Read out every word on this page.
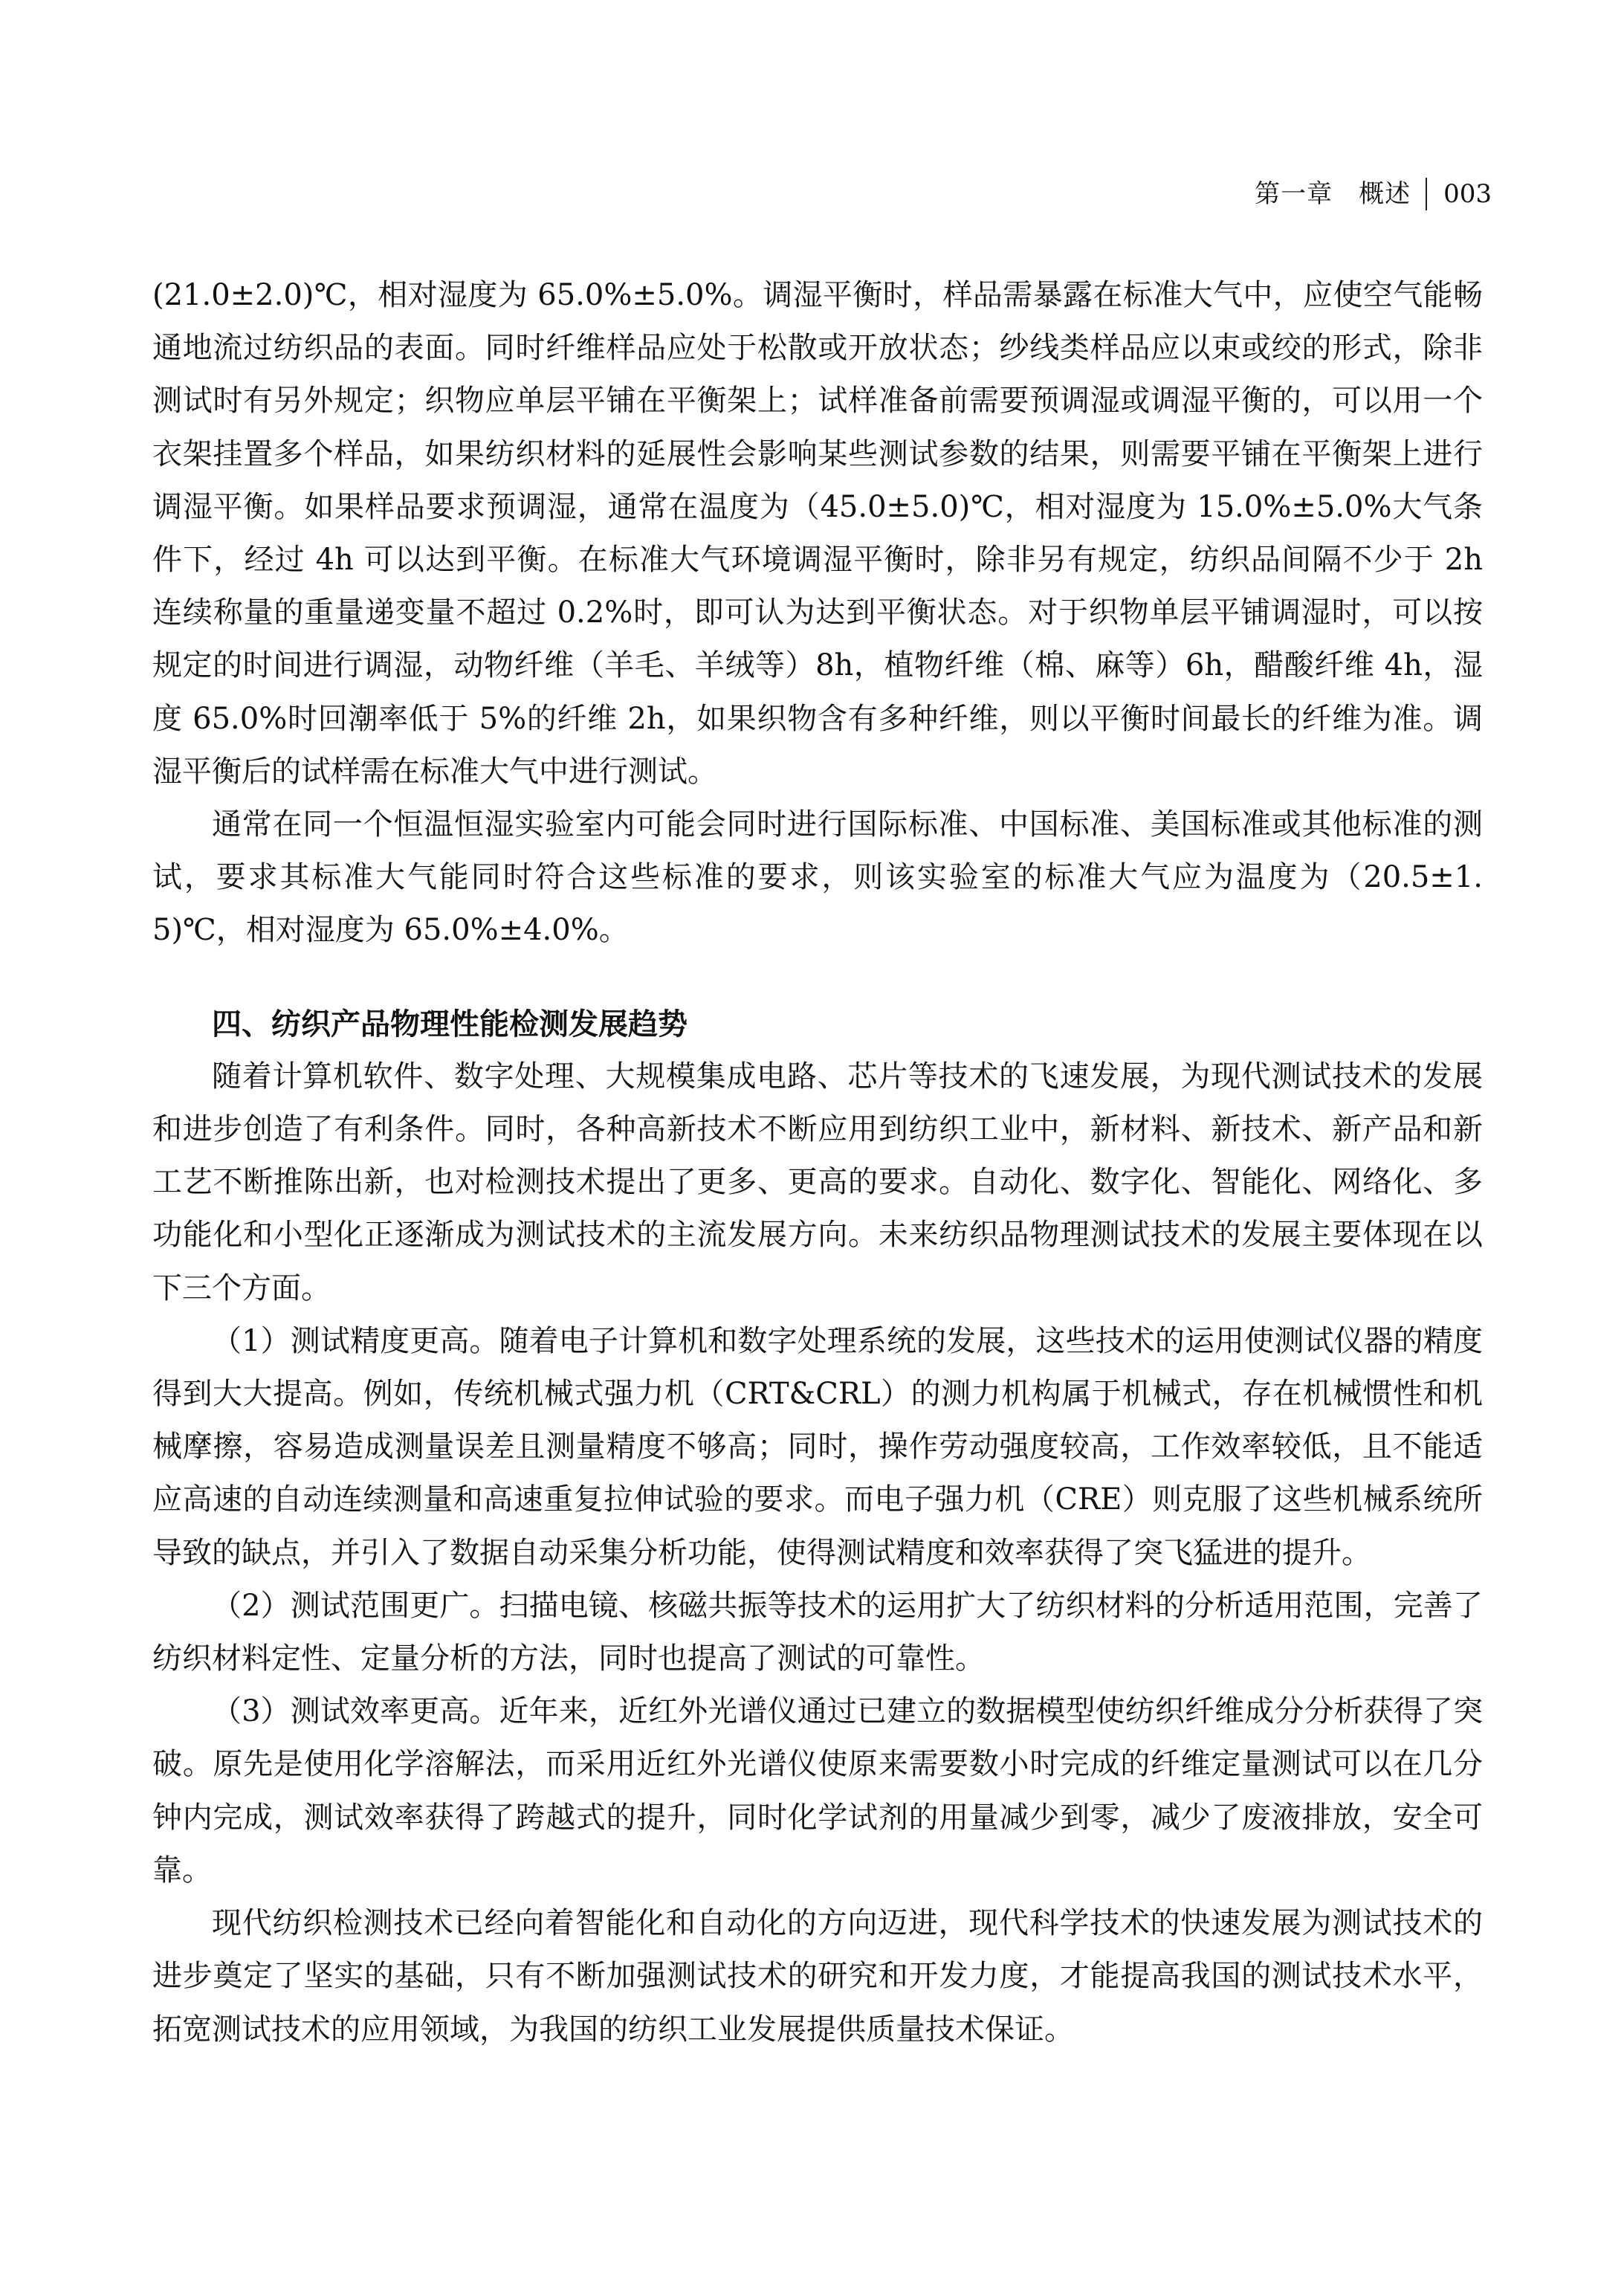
第一章　概述 003

(21.0±2.0)℃，相对湿度为 65.0%±5.0%。调湿平衡时，样品需暴露在标准大气中，应使空气能畅通地流过纺织品的表面。同时纤维样品应处于松散或开放状态；纱线类样品应以束或绞的形式，除非测试时有另外规定；织物应单层平铺在平衡架上；试样准备前需要预调湿或调湿平衡的，可以用一个衣架挂置多个样品，如果纺织材料的延展性会影响某些测试参数的结果，则需要平铺在平衡架上进行调湿平衡。如果样品要求预调湿，通常在温度为（45.0±5.0)℃，相对湿度为 15.0%±5.0%大气条件下，经过 4h 可以达到平衡。在标准大气环境调湿平衡时，除非另有规定，纺织品间隔不少于 2h 连续称量的重量递变量不超过 0.2%时，即可认为达到平衡状态。对于织物单层平铺调湿时，可以按规定的时间进行调湿，动物纤维（羊毛、羊绒等）8h，植物纤维（棉、麻等）6h，醋酸纤维 4h，湿度 65.0%时回潮率低于 5%的纤维 2h，如果织物含有多种纤维，则以平衡时间最长的纤维为准。调湿平衡后的试样需在标准大气中进行测试。

通常在同一个恒温恒湿实验室内可能会同时进行国际标准、中国标准、美国标准或其他标准的测试，要求其标准大气能同时符合这些标准的要求，则该实验室的标准大气应为温度为（20.5±1.5)℃，相对湿度为 65.0%±4.0%。

四、纺织产品物理性能检测发展趋势

随着计算机软件、数字处理、大规模集成电路、芯片等技术的飞速发展，为现代测试技术的发展和进步创造了有利条件。同时，各种高新技术不断应用到纺织工业中，新材料、新技术、新产品和新工艺不断推陈出新，也对检测技术提出了更多、更高的要求。自动化、数字化、智能化、网络化、多功能化和小型化正逐渐成为测试技术的主流发展方向。未来纺织品物理测试技术的发展主要体现在以下三个方面。

（1）测试精度更高。随着电子计算机和数字处理系统的发展，这些技术的运用使测试仪器的精度得到大大提高。例如，传统机械式强力机（CRT&CRL）的测力机构属于机械式，存在机械惯性和机械摩擦，容易造成测量误差且测量精度不够高；同时，操作劳动强度较高，工作效率较低，且不能适应高速的自动连续测量和高速重复拉伸试验的要求。而电子强力机（CRE）则克服了这些机械系统所导致的缺点，并引入了数据自动采集分析功能，使得测试精度和效率获得了突飞猛进的提升。

（2）测试范围更广。扫描电镜、核磁共振等技术的运用扩大了纺织材料的分析适用范围，完善了纺织材料定性、定量分析的方法，同时也提高了测试的可靠性。

（3）测试效率更高。近年来，近红外光谱仪通过已建立的数据模型使纺织纤维成分分析获得了突破。原先是使用化学溶解法，而采用近红外光谱仪使原来需要数小时完成的纤维定量测试可以在几分钟内完成，测试效率获得了跨越式的提升，同时化学试剂的用量减少到零，减少了废液排放，安全可靠。

现代纺织检测技术已经向着智能化和自动化的方向迈进，现代科学技术的快速发展为测试技术的进步奠定了坚实的基础，只有不断加强测试技术的研究和开发力度，才能提高我国的测试技术水平，拓宽测试技术的应用领域，为我国的纺织工业发展提供质量技术保证。
